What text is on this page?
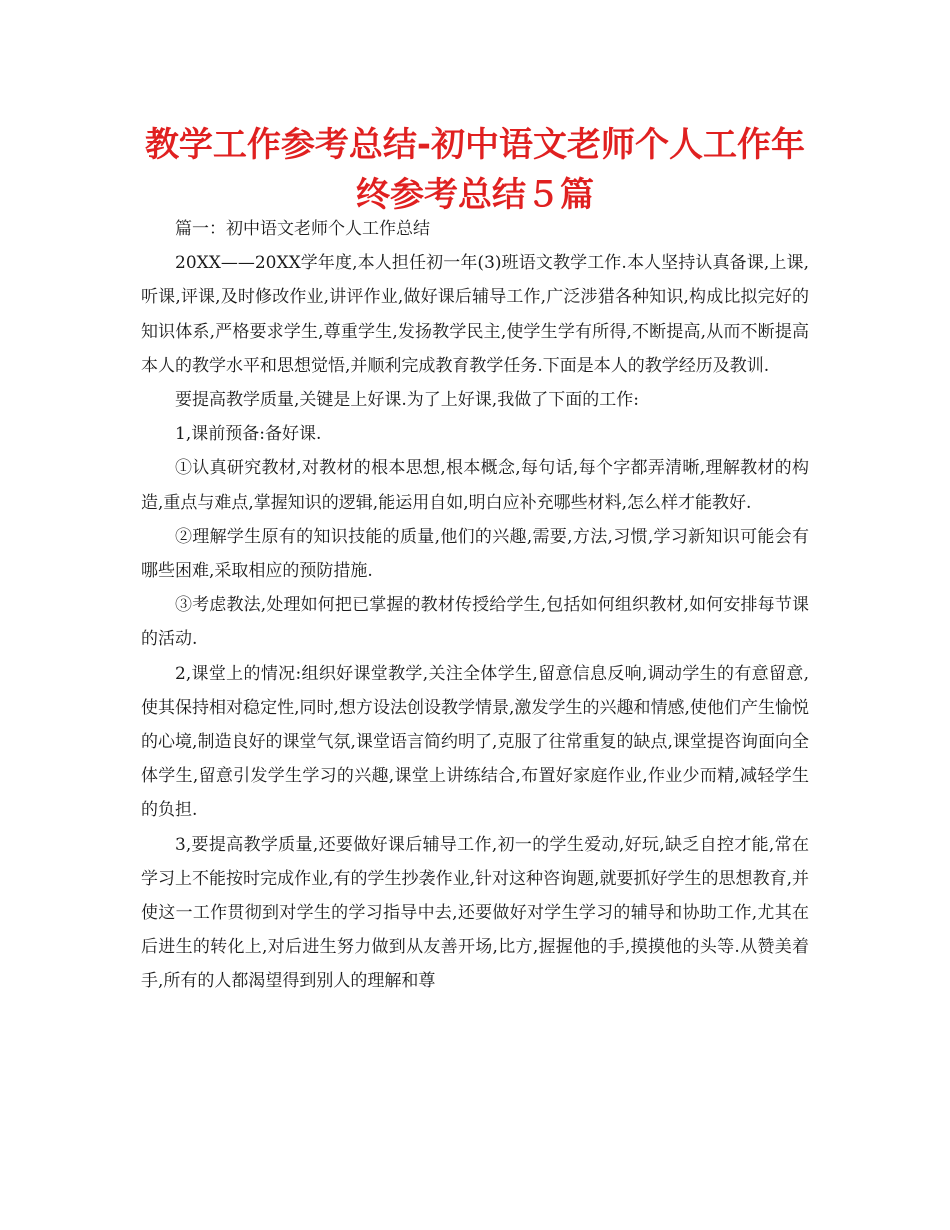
教学工作参考总结-初中语文老师个人工作年终参考总结５篇

篇一：初中语文老师个人工作总结

20XX——20XX学年度,本人担任初一年(3)班语文教学工作.本人坚持认真备课,上课,听课,评课,及时修改作业,讲评作业,做好课后辅导工作,广泛涉猎各种知识,构成比拟完好的知识体系,严格要求学生,尊重学生,发扬教学民主,使学生学有所得,不断提高,从而不断提高本人的教学水平和思想觉悟,并顺利完成教育教学任务.下面是本人的教学经历及教训.

要提高教学质量,关键是上好课.为了上好课,我做了下面的工作:

1,课前预备:备好课.

①认真研究教材,对教材的根本思想,根本概念,每句话,每个字都弄清晰,理解教材的构造,重点与难点,掌握知识的逻辑,能运用自如,明白应补充哪些材料,怎么样才能教好.

②理解学生原有的知识技能的质量,他们的兴趣,需要,方法,习惯,学习新知识可能会有哪些困难,采取相应的预防措施.

③考虑教法,处理如何把已掌握的教材传授给学生,包括如何组织教材,如何安排每节课的活动.

2,课堂上的情况:组织好课堂教学,关注全体学生,留意信息反响,调动学生的有意留意,使其保持相对稳定性,同时,想方设法创设教学情景,激发学生的兴趣和情感,使他们产生愉悦的心境,制造良好的课堂气氛,课堂语言简约明了,克服了往常重复的缺点,课堂提咨询面向全体学生,留意引发学生学习的兴趣,课堂上讲练结合,布置好家庭作业,作业少而精,减轻学生的负担.

3,要提高教学质量,还要做好课后辅导工作,初一的学生爱动,好玩,缺乏自控才能,常在学习上不能按时完成作业,有的学生抄袭作业,针对这种咨询题,就要抓好学生的思想教育,并使这一工作贯彻到对学生的学习指导中去,还要做好对学生学习的辅导和协助工作,尤其在后进生的转化上,对后进生努力做到从友善开场,比方,握握他的手,摸摸他的头等.从赞美着手,所有的人都渴望得到别人的理解和尊
